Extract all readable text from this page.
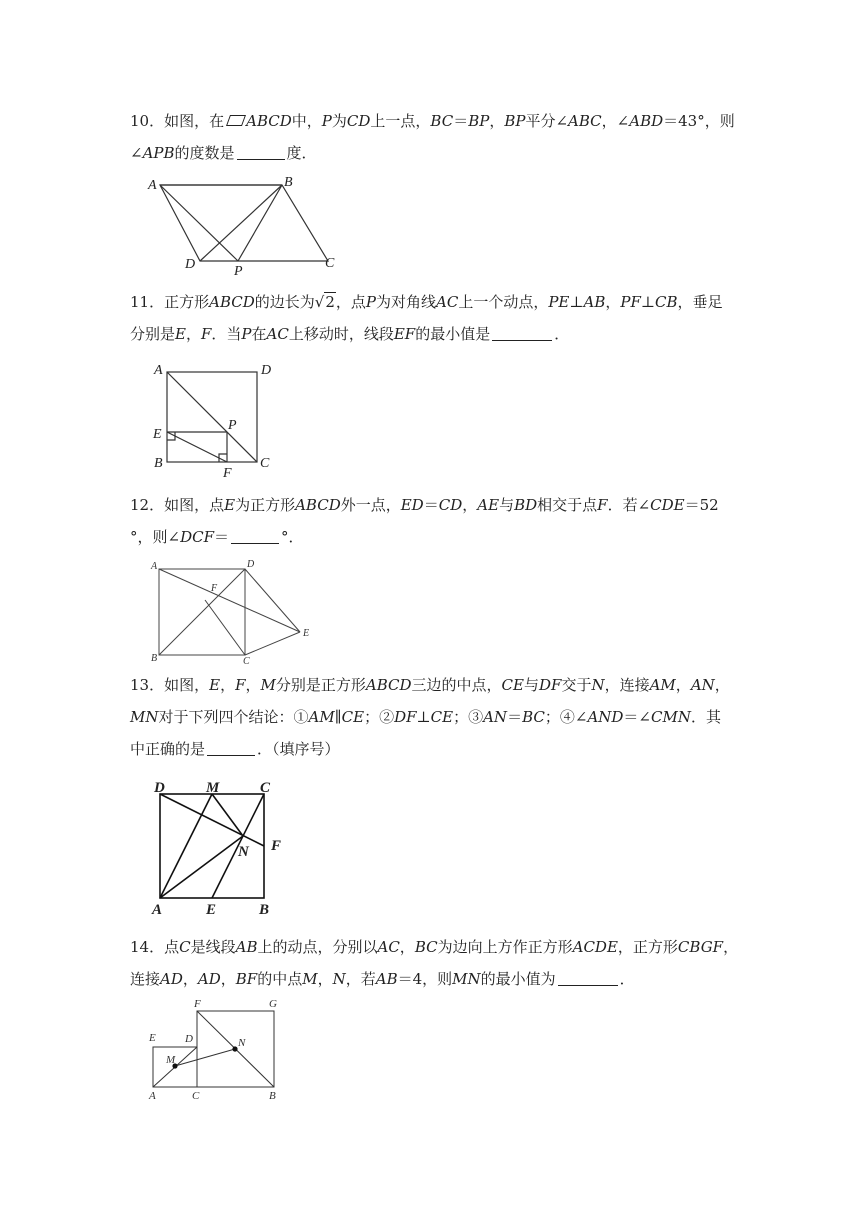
10．如图，在 ABCD中，P为CD上一点，BC＝BP，BP平分∠ABC，∠ABD＝43°，则

∠APB的度数是	度．

A	B
C
D	P

11．正方形ABCD的边长为√2，点P为对角线AC上一个动点，PE⊥AB，PF⊥CB，垂足

分别是E，F．当P在AC上移动时，线段EF的最小值是	．

A	D
B	C
E
F
P

12．如图，点E为正方形ABCD外一点，ED＝CD，AE与BD相交于点F．若∠CDE＝52

°，则∠DCF＝	°．

A	D
B	C
E
F

13．如图，E，F，M分别是正方形ABCD三边的中点，CE与DF交于N，连接AM，AN，

MN对于下列四个结论：①AM∥CE；②DF⊥CE；③AN＝BC；④∠AND＝∠CMN．其

中正确的是	．（填序号）

D	M	C
F
N
A	E	B

14．点C是线段AB上的动点，分别以AC，BC为边向上方作正方形ACDE，正方形CBGF，

连接AD，AD，BF的中点M，N，若AB＝4，则MN的最小值为	．

E	D
F	G
M
N
A	C	B
